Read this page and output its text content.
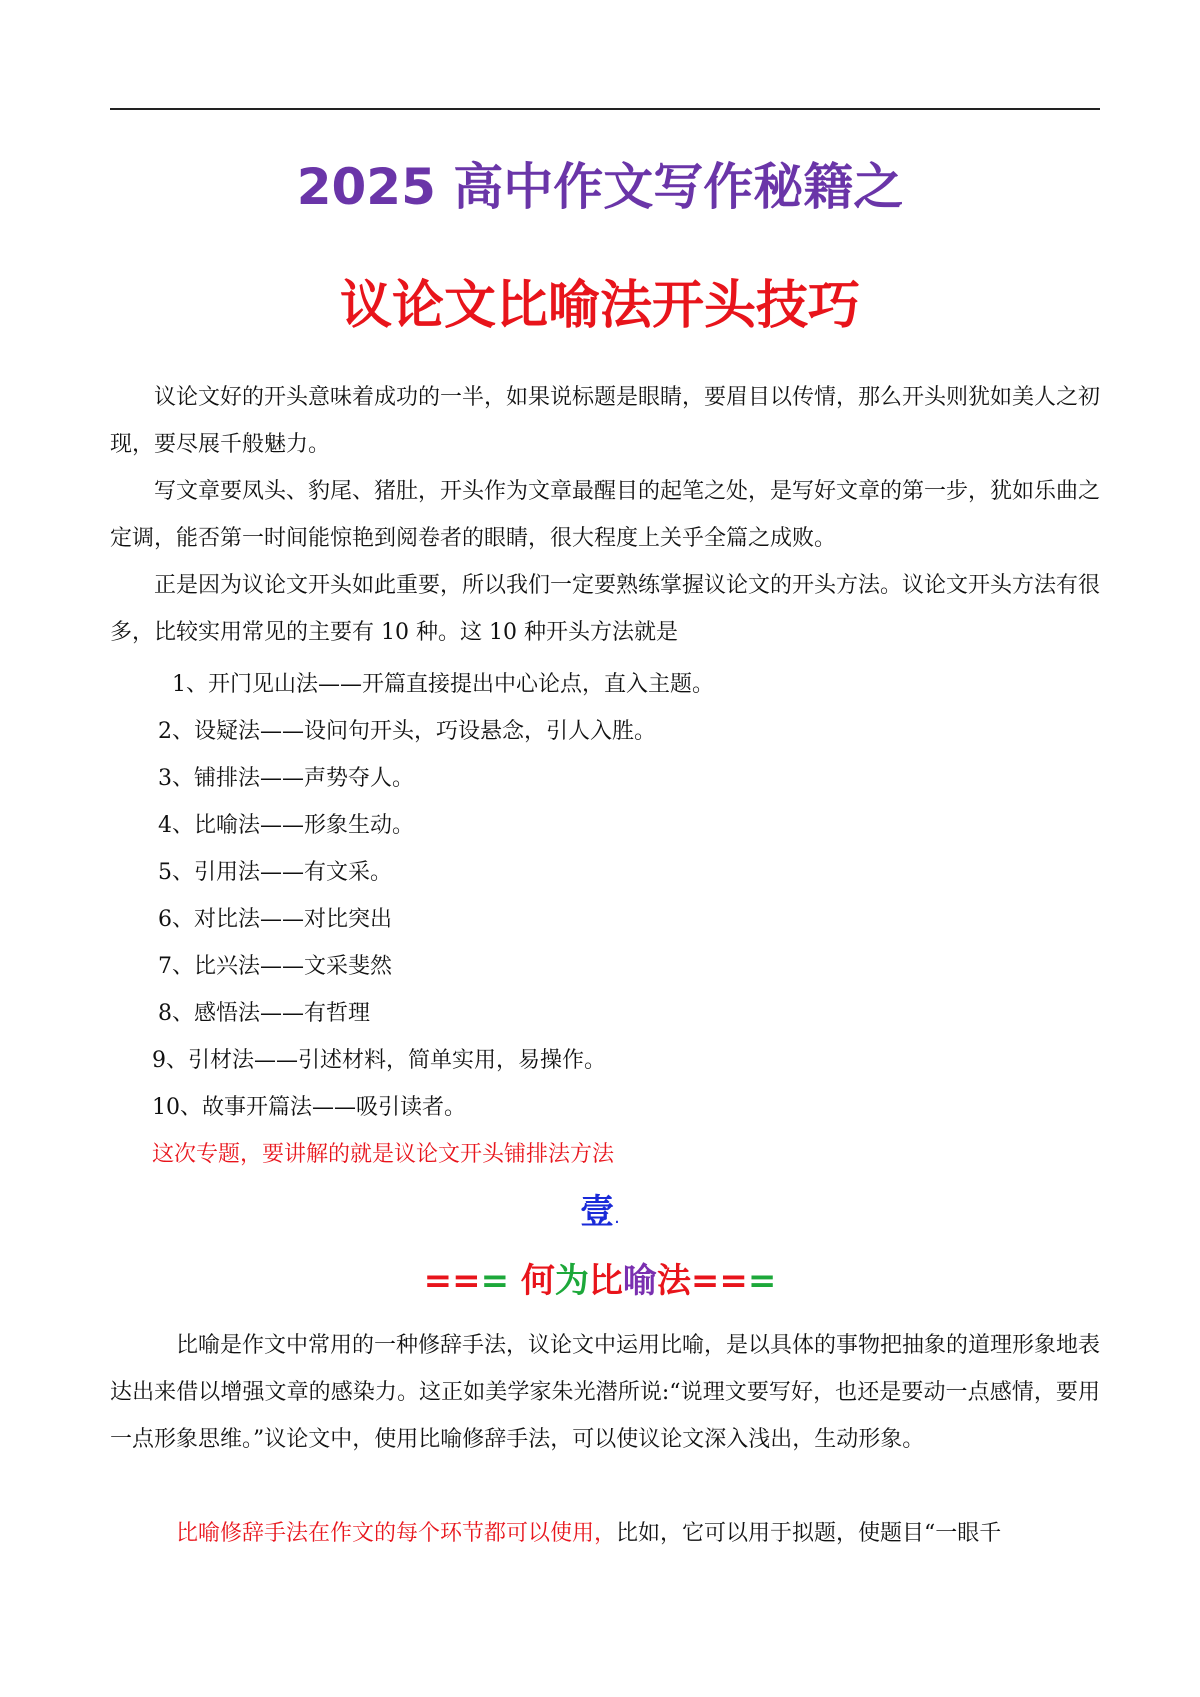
2025 高中作文写作秘籍之
议论文比喻法开头技巧
议论文好的开头意味着成功的一半，如果说标题是眼睛，要眉目以传情，那么开头则犹如美人之初现，要尽展千般魅力。
写文章要凤头、豹尾、猪肚，开头作为文章最醒目的起笔之处，是写好文章的第一步，犹如乐曲之定调，能否第一时间能惊艳到阅卷者的眼睛，很大程度上关乎全篇之成败。
正是因为议论文开头如此重要，所以我们一定要熟练掌握议论文的开头方法。议论文开头方法有很多，比较实用常见的主要有 10 种。这 10 种开头方法就是
1、开门见山法——开篇直接提出中心论点，直入主题。
2、设疑法——设问句开头，巧设悬念，引人入胜。
3、铺排法——声势夺人。
4、比喻法——形象生动。
5、引用法——有文采。
6、对比法——对比突出
7、比兴法——文采斐然
8、感悟法——有哲理
9、引材法——引述材料，简单实用，易操作。
10、故事开篇法——吸引读者。
这次专题，要讲解的就是议论文开头铺排法方法
壹.
=== 何为比喻法===
比喻是作文中常用的一种修辞手法，议论文中运用比喻，是以具体的事物把抽象的道理形象地表达出来借以增强文章的感染力。这正如美学家朱光潜所说:“说理文要写好，也还是要动一点感情，要用一点形象思维。”议论文中，使用比喻修辞手法，可以使议论文深入浅出，生动形象。
比喻修辞手法在作文的每个环节都可以使用，比如，它可以用于拟题，使题目“一眼千
